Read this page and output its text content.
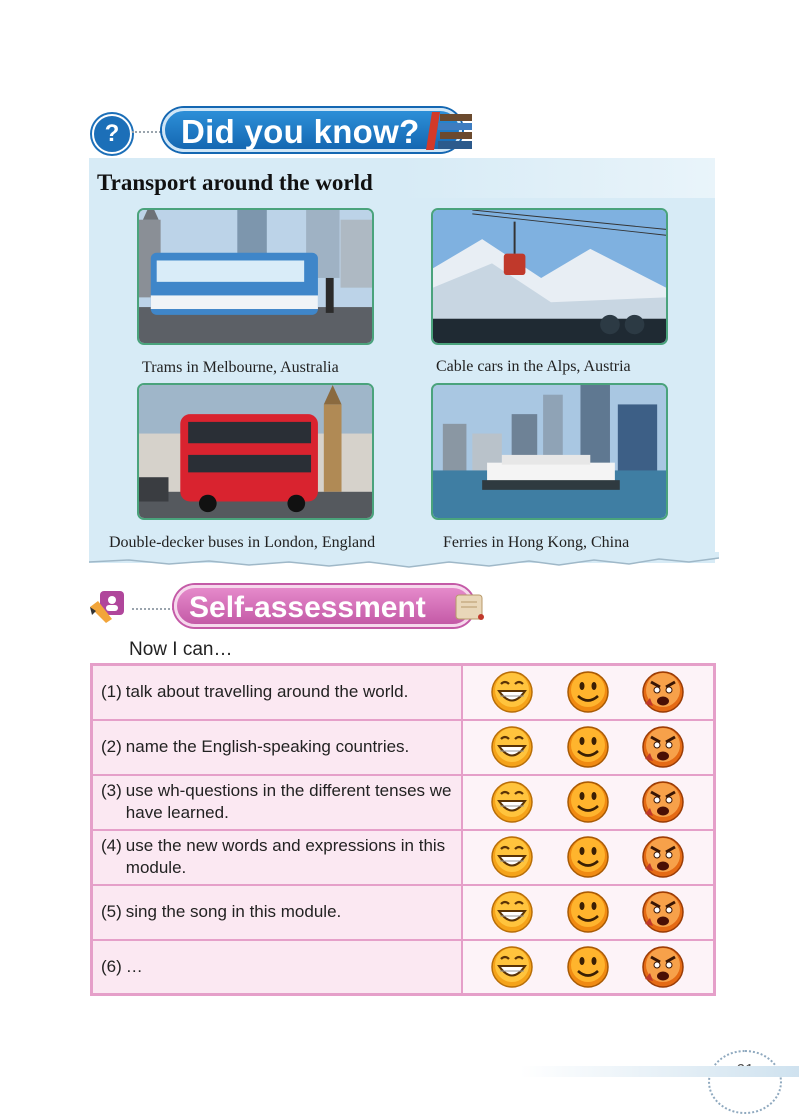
?	Did you know?
Transport around the world
Trams in Melbourne, Australia	Cable cars in the Alps, Austria
Double-decker buses in London, England	Ferries in Hong Kong, China
Self-assessment
Now I can…
(1) talk about travelling around the world.

(2) name the English-speaking countries.

(3) use wh-questions in the different tenses we have learned.

(4) use the new words and expressions in this module.

(5) sing the song in this module.

(6) …
